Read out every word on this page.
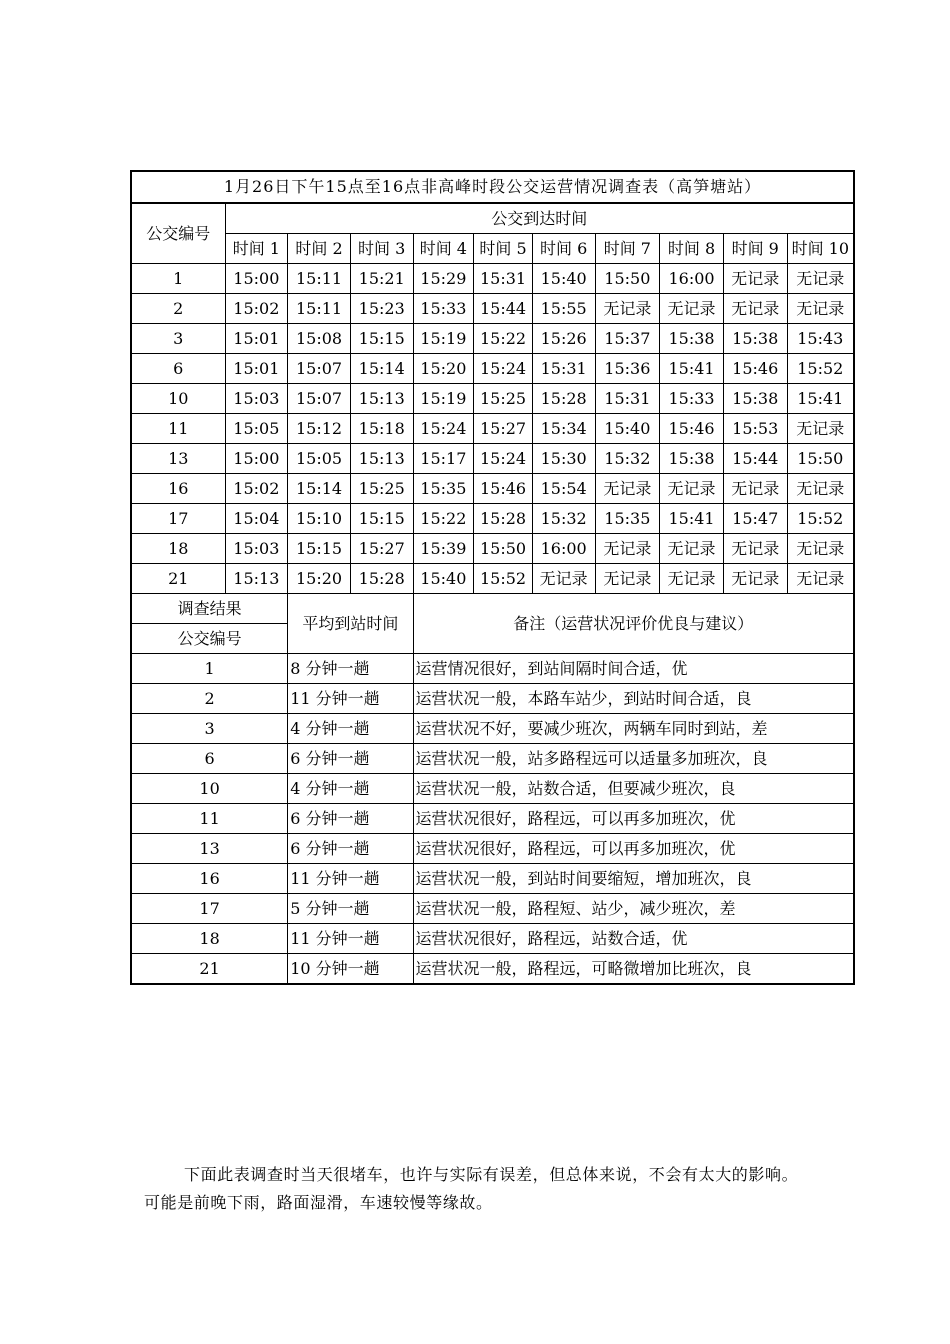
1月26日下午15点至16点非高峰时段公交运营情况调查表（高笋塘站）										
公交编号	公交到达时间									
	时间 1	时间 2	时间 3	时间 4	时间 5	时间 6	时间 7	时间 8	时间 9	时间 10
1	15:00	15:11	15:21	15:29	15:31	15:40	15:50	16:00	无记录	无记录
2	15:02	15:11	15:23	15:33	15:44	15:55	无记录	无记录	无记录	无记录
3	15:01	15:08	15:15	15:19	15:22	15:26	15:37	15:38	15:38	15:43
6	15:01	15:07	15:14	15:20	15:24	15:31	15:36	15:41	15:46	15:52
10	15:03	15:07	15:13	15:19	15:25	15:28	15:31	15:33	15:38	15:41
11	15:05	15:12	15:18	15:24	15:27	15:34	15:40	15:46	15:53	无记录
13	15:00	15:05	15:13	15:17	15:24	15:30	15:32	15:38	15:44	15:50
16	15:02	15:14	15:25	15:35	15:46	15:54	无记录	无记录	无记录	无记录
17	15:04	15:10	15:15	15:22	15:28	15:32	15:35	15:41	15:47	15:52
18	15:03	15:15	15:27	15:39	15:50	16:00	无记录	无记录	无记录	无记录
21	15:13	15:20	15:28	15:40	15:52	无记录	无记录	无记录	无记录	无记录
调查结果		平均到站时间		备注（运营状况评价优良与建议）						
公交编号										
1		8 分钟一趟		运营情况很好，到站间隔时间合适，优						
2		11 分钟一趟		运营状况一般，本路车站少，到站时间合适，良						
3		4 分钟一趟		运营状况不好，要减少班次，两辆车同时到站，差						
6		6 分钟一趟		运营状况一般，站多路程远可以适量多加班次，良						
10		4 分钟一趟		运营状况一般，站数合适，但要减少班次，良						
11		6 分钟一趟		运营状况很好，路程远，可以再多加班次，优						
13		6 分钟一趟		运营状况很好，路程远，可以再多加班次，优						
16		11 分钟一趟		运营状况一般，到站时间要缩短，增加班次，良						
17		5 分钟一趟		运营状况一般，路程短、站少，减少班次，差						
18		11 分钟一趟		运营状况很好，路程远，站数合适，优						
21		10 分钟一趟		运营状况一般，路程远，可略微增加比班次，良						

下面此表调查时当天很堵车，也许与实际有误差，但总体来说，不会有太大的影响。可能是前晚下雨，路面湿滑，车速较慢等缘故。
